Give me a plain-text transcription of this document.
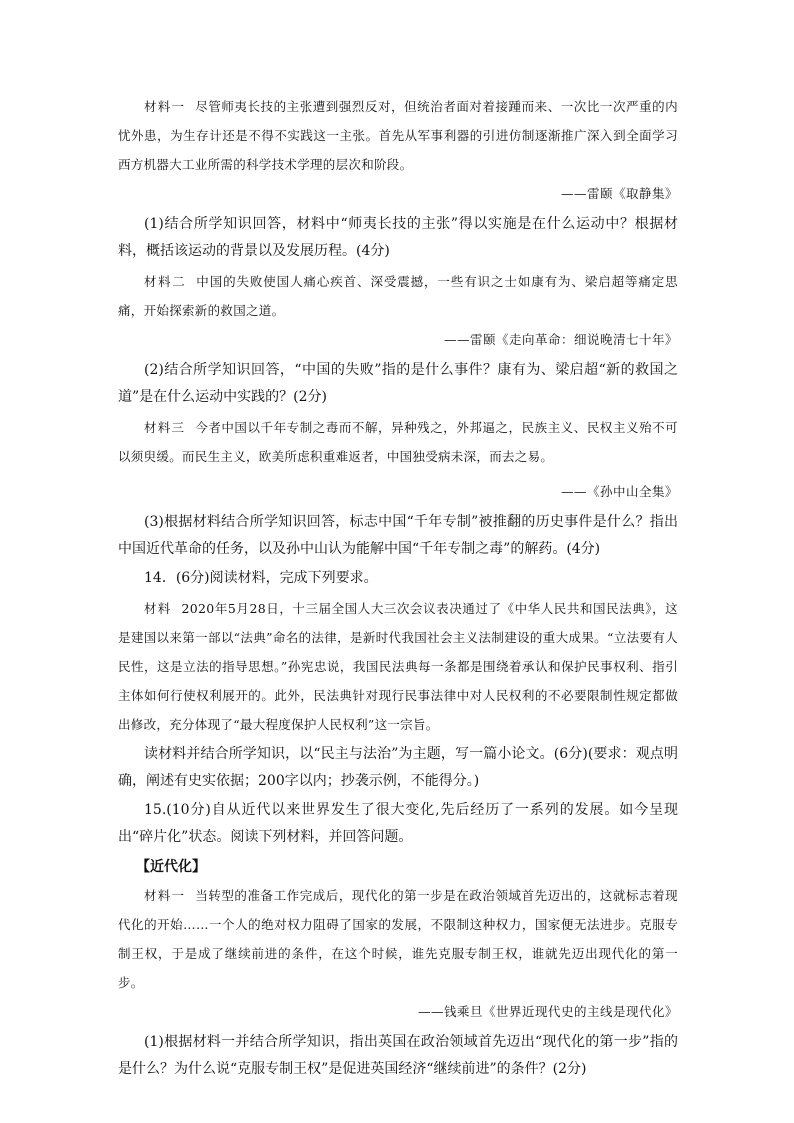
材料一 尽管师夷长技的主张遭到强烈反对，但统治者面对着接踵而来、一次比一次严重的内忧外患，为生存计还是不得不实践这一主张。首先从军事利器的引进仿制逐渐推广深入到全面学习西方机器大工业所需的科学技术学理的层次和阶段。

——雷颐《取静集》

(1)结合所学知识回答，材料中“师夷长技的主张”得以实施是在什么运动中？根据材料，概括该运动的背景以及发展历程。(4分)

材料二 中国的失败使国人痛心疾首、深受震撼，一些有识之士如康有为、梁启超等痛定思痛，开始探索新的救国之道。

——雷颐《走向革命：细说晚清七十年》

(2)结合所学知识回答，“中国的失败”指的是什么事件？康有为、梁启超“新的救国之道”是在什么运动中实践的？(2分)

材料三 今者中国以千年专制之毒而不解，异种残之，外邦逼之，民族主义、民权主义殆不可以须臾缓。而民生主义，欧美所虑积重难返者，中国独受病未深，而去之易。

——《孙中山全集》

(3)根据材料结合所学知识回答，标志中国“千年专制”被推翻的历史事件是什么？指出中国近代革命的任务，以及孙中山认为能解中国“千年专制之毒”的解药。(4分)

14．(6分)阅读材料，完成下列要求。

材料 2020年5月28日，十三届全国人大三次会议表决通过了《中华人民共和国民法典》，这是建国以来第一部以“法典”命名的法律，是新时代我国社会主义法制建设的重大成果。“立法要有人民性，这是立法的指导思想。”孙宪忠说，我国民法典每一条都是围绕着承认和保护民事权利、指引主体如何行使权利展开的。此外，民法典针对现行民事法律中对人民权利的不必要限制性规定都做出修改，充分体现了“最大程度保护人民权利”这一宗旨。

读材料并结合所学知识，以“民主与法治”为主题，写一篇小论文。(6分)(要求：观点明确，阐述有史实依据；200字以内；抄袭示例，不能得分。)

15.(10分)自从近代以来世界发生了很大变化,先后经历了一系列的发展。如今呈现出“碎片化”状态。阅读下列材料，并回答问题。

【近代化】

材料一 当转型的准备工作完成后，现代化的第一步是在政治领域首先迈出的，这就标志着现代化的开始……一个人的绝对权力阻碍了国家的发展，不限制这种权力，国家便无法进步。克服专制王权，于是成了继续前进的条件，在这个时候，谁先克服专制王权，谁就先迈出现代化的第一步。

——钱乘旦《世界近现代史的主线是现代化》

(1)根据材料一并结合所学知识，指出英国在政治领域首先迈出“现代化的第一步”指的是什么？为什么说“克服专制王权”是促进英国经济“继续前进”的条件？(2分)
